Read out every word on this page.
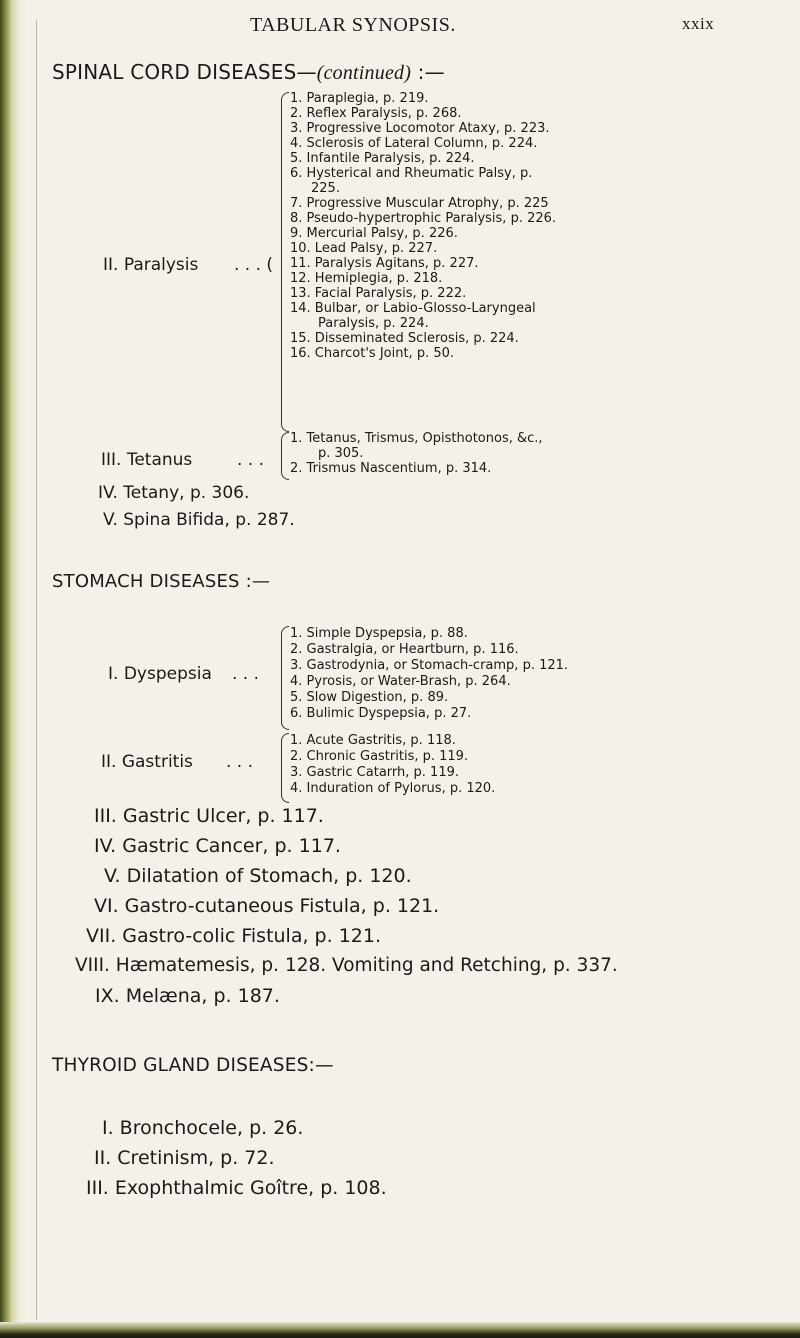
TABULAR SYNOPSIS.	xxix
SPINAL CORD DISEASES—(continued) :—
II. Paralysis . . . (
1. Paraplegia, p. 219.
2. Reflex Paralysis, p. 268.
3. Progressive Locomotor Ataxy, p. 223.
4. Sclerosis of Lateral Column, p. 224.
5. Infantile Paralysis, p. 224.
6. Hysterical and Rheumatic Palsy, p.
225.
7. Progressive Muscular Atrophy, p. 225
8. Pseudo-hypertrophic Paralysis, p. 226.
9. Mercurial Palsy, p. 226.
10. Lead Palsy, p. 227.
11. Paralysis Agitans, p. 227.
12. Hemiplegia, p. 218.
13. Facial Paralysis, p. 222.
14. Bulbar, or Labio-Glosso-Laryngeal
Paralysis, p. 224.
15. Disseminated Sclerosis, p. 224.
16. Charcot's Joint, p. 50.
III. Tetanus	. . .
1. Tetanus, Trismus, Opisthotonos, &c.,
p. 305.
2. Trismus Nascentium, p. 314.
IV. Tetany, p. 306.
V. Spina Bifida, p. 287.
STOMACH DISEASES :—
I. Dyspepsia . . .
1. Simple Dyspepsia, p. 88.
2. Gastralgia, or Heartburn, p. 116.
3. Gastrodynia, or Stomach-cramp, p. 121.
4. Pyrosis, or Water-Brash, p. 264.
5. Slow Digestion, p. 89.
6. Bulimic Dyspepsia, p. 27.
II. Gastritis . . .
1. Acute Gastritis, p. 118.
2. Chronic Gastritis, p. 119.
3. Gastric Catarrh, p. 119.
4. Induration of Pylorus, p. 120.
III. Gastric Ulcer, p. 117.
IV. Gastric Cancer, p. 117.
V. Dilatation of Stomach, p. 120.
VI. Gastro-cutaneous Fistula, p. 121.
VII. Gastro-colic Fistula, p. 121.
VIII. Hæmatemesis, p. 128. Vomiting and Retching, p. 337.
IX. Melæna, p. 187.
THYROID GLAND DISEASES:—
I. Bronchocele, p. 26.
II. Cretinism, p. 72.
III. Exophthalmic Goître, p. 108.
